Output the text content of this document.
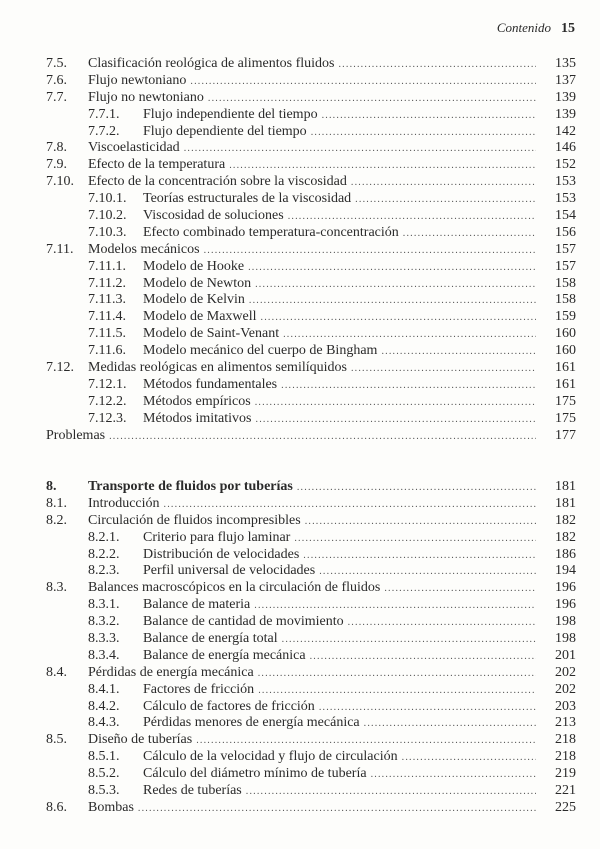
Contenido 15
7.5.	Clasificación reológica de alimentos fluidos .....	135
7.6.	Flujo newtoniano .....	137
7.7.	Flujo no newtoniano .....	139
7.7.1.	Flujo independiente del tiempo .....	139
7.7.2.	Flujo dependiente del tiempo .....	142
7.8.	Viscoelasticidad .....	146
7.9.	Efecto de la temperatura .....	152
7.10.	Efecto de la concentración sobre la viscosidad .....	153
7.10.1.	Teorías estructurales de la viscosidad .....	153
7.10.2.	Viscosidad de soluciones .....	154
7.10.3.	Efecto combinado temperatura-concentración .....	156
7.11.	Modelos mecánicos .....	157
7.11.1.	Modelo de Hooke .....	157
7.11.2.	Modelo de Newton .....	158
7.11.3.	Modelo de Kelvin .....	158
7.11.4.	Modelo de Maxwell .....	159
7.11.5.	Modelo de Saint-Venant .....	160
7.11.6.	Modelo mecánico del cuerpo de Bingham .....	160
7.12.	Medidas reológicas en alimentos semilíquidos .....	161
7.12.1.	Métodos fundamentales .....	161
7.12.2.	Métodos empíricos .....	175
7.12.3.	Métodos imitativos .....	175
Problemas .....	177
8.	Transporte de fluidos por tuberías .....	181
8.1.	Introducción .....	181
8.2.	Circulación de fluidos incompresibles .....	182
8.2.1.	Criterio para flujo laminar .....	182
8.2.2.	Distribución de velocidades .....	186
8.2.3.	Perfil universal de velocidades .....	194
8.3.	Balances macroscópicos en la circulación de fluidos .....	196
8.3.1.	Balance de materia .....	196
8.3.2.	Balance de cantidad de movimiento .....	198
8.3.3.	Balance de energía total .....	198
8.3.4.	Balance de energía mecánica .....	201
8.4.	Pérdidas de energía mecánica .....	202
8.4.1.	Factores de fricción .....	202
8.4.2.	Cálculo de factores de fricción .....	203
8.4.3.	Pérdidas menores de energía mecánica .....	213
8.5.	Diseño de tuberías .....	218
8.5.1.	Cálculo de la velocidad y flujo de circulación .....	218
8.5.2.	Cálculo del diámetro mínimo de tubería .....	219
8.5.3.	Redes de tuberías .....	221
8.6.	Bombas .....	225
